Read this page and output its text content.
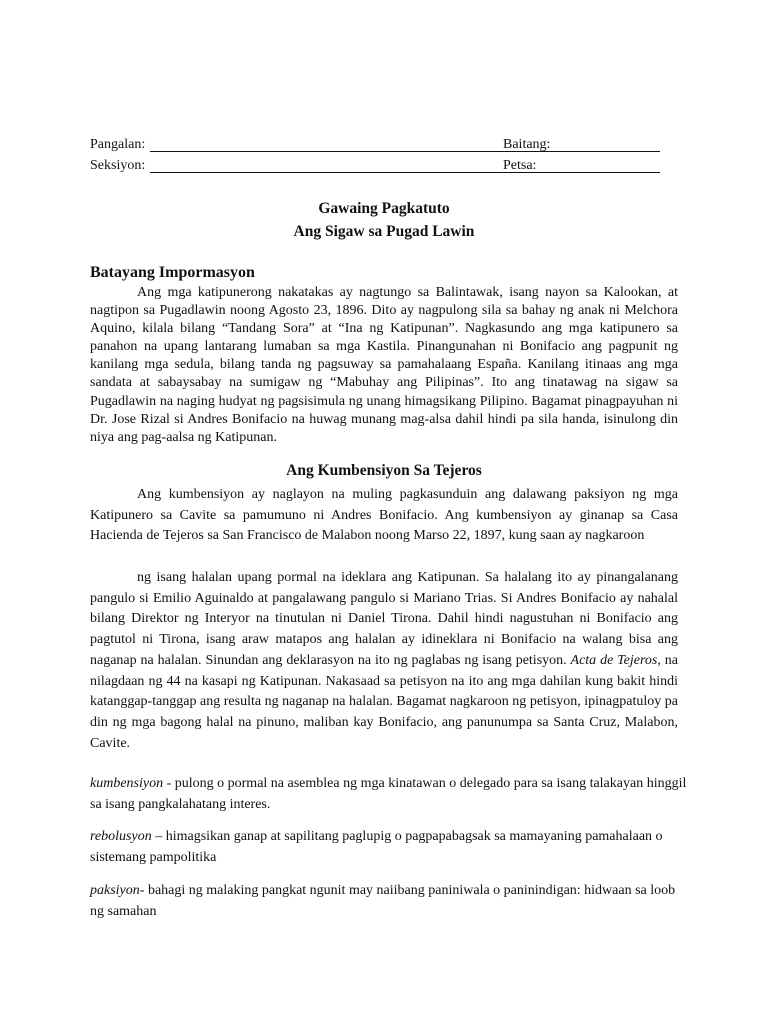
Pangalan:	Baitang:
Seksiyon:	Petsa:
Gawaing Pagkatuto
Ang Sigaw sa Pugad Lawin
Batayang Impormasyon

Ang mga katipunerong nakatakas ay nagtungo sa Balintawak, isang nayon sa Kalookan, at nagtipon sa Pugadlawin noong Agosto 23, 1896. Dito ay nagpulong sila sa bahay ng anak ni Melchora Aquino, kilala bilang “Tandang Sora” at “Ina ng Katipunan”. Nagkasundo ang mga katipunero sa panahon na upang lantarang lumaban sa mga Kastila. Pinangunahan ni Bonifacio ang pagpunit ng kanilang mga sedula, bilang tanda ng pagsuway sa pamahalaang España. Kanilang itinaas ang mga sandata at sabaysabay na sumigaw ng “Mabuhay ang Pilipinas”. Ito ang tinatawag na sigaw sa Pugadlawin na naging hudyat ng pagsisimula ng unang himagsikang Pilipino. Bagamat pinagpayuhan ni Dr. Jose Rizal si Andres Bonifacio na huwag munang mag-alsa dahil hindi pa sila handa, isinulong din niya ang pag-aalsa ng Katipunan.

Ang Kumbensiyon Sa Tejeros

Ang kumbensiyon ay naglayon na muling pagkasunduin ang dalawang paksiyon ng mga Katipunero sa Cavite sa pamumuno ni Andres Bonifacio. Ang kumbensiyon ay ginanap sa Casa Hacienda de Tejeros sa San Francisco de Malabon noong Marso 22, 1897, kung saan ay nagkaroon

ng isang halalan upang pormal na ideklara ang Katipunan. Sa halalang ito ay pinangalanang pangulo si Emilio Aguinaldo at pangalawang pangulo si Mariano Trias. Si Andres Bonifacio ay nahalal bilang Direktor ng Interyor na tinutulan ni Daniel Tirona. Dahil hindi nagustuhan ni Bonifacio ang pagtutol ni Tirona, isang araw matapos ang halalan ay idineklara ni Bonifacio na walang bisa ang naganap na halalan. Sinundan ang deklarasyon na ito ng paglabas ng isang petisyon. Acta de Tejeros, na nilagdaan ng 44 na kasapi ng Katipunan. Nakasaad sa petisyon na ito ang mga dahilan kung bakit hindi katanggap-tanggap ang resulta ng naganap na halalan. Bagamat nagkaroon ng petisyon, ipinagpatuloy pa din ng mga bagong halal na pinuno, maliban kay Bonifacio, ang panunumpa sa Santa Cruz, Malabon, Cavite.

kumbensiyon - pulong o pormal na asemblea ng mga kinatawan o delegado para sa isang talakayan hinggil sa isang pangkalahatang interes.

rebolusyon – himagsikan ganap at sapilitang paglupig o pagpapabagsak sa mamayaning pamahalaan o sistemang pampolitika

paksiyon- bahagi ng malaking pangkat ngunit may naiibang paniniwala o paninindigan: hidwaan sa loob ng samahan
